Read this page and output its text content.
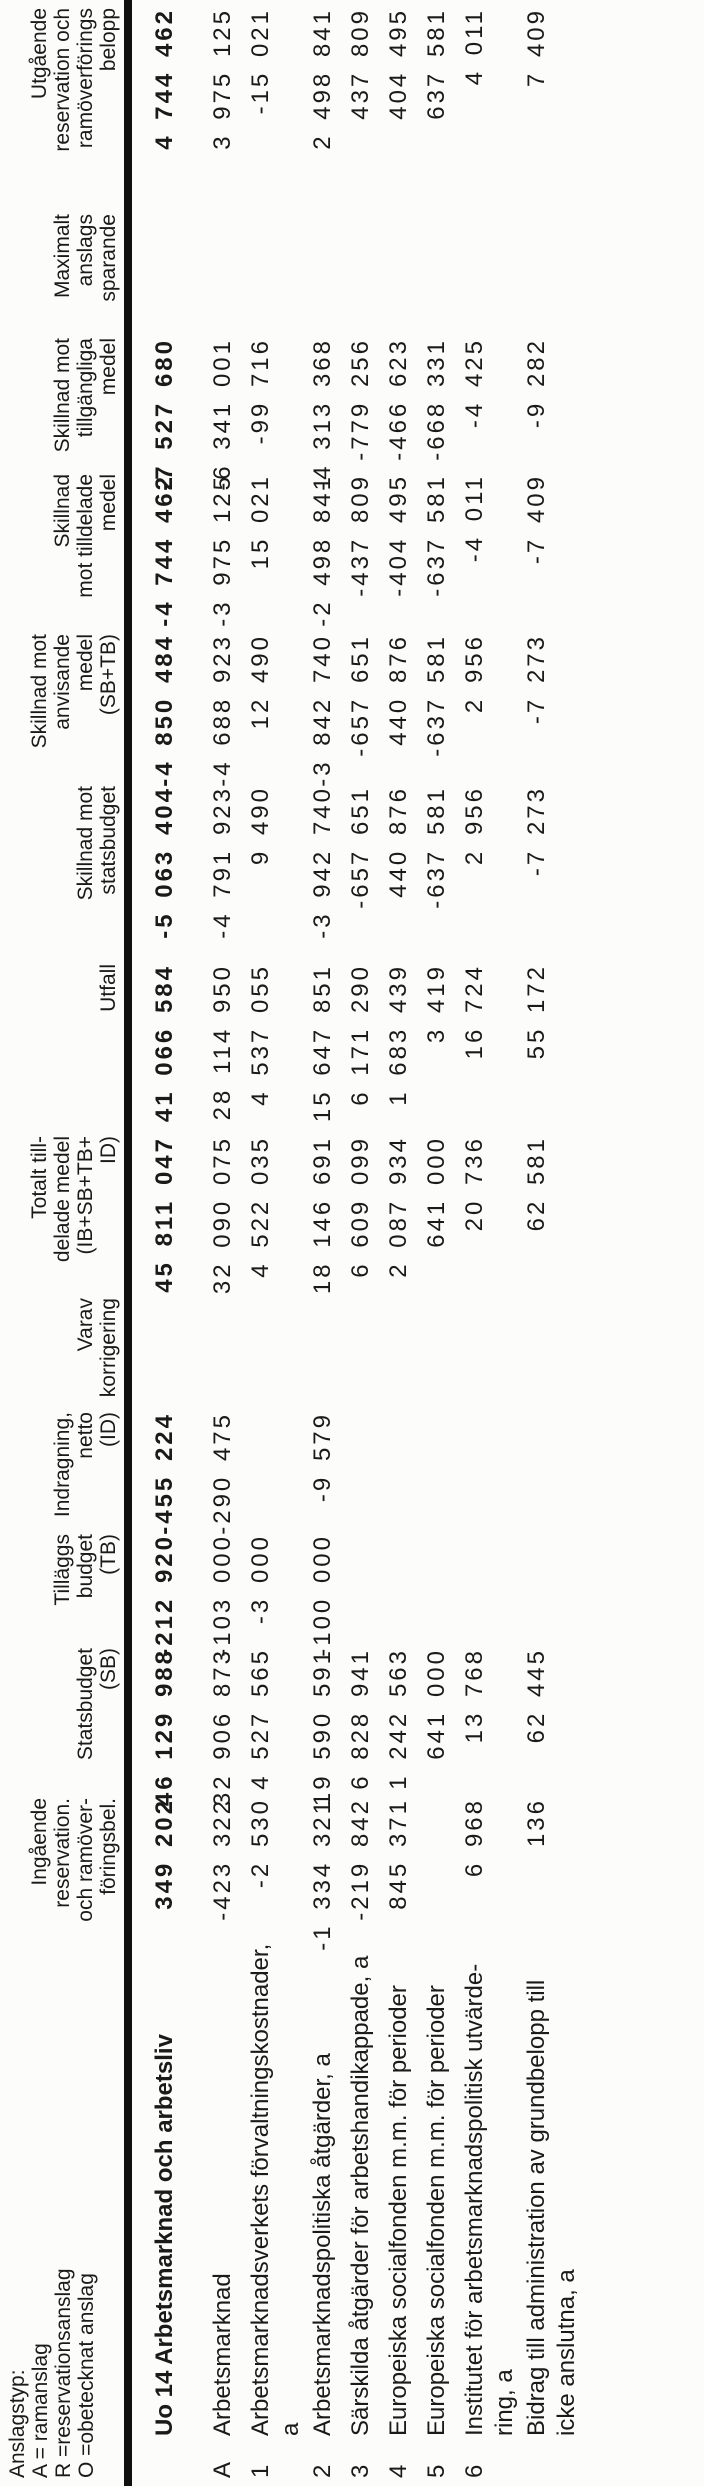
Anslagstyp: A = ramanslag R =reservationsanslag O =obetecknat anslag
Ingående reservation. och ramöver- föringsbel.
Statsbudget (SB)
Tilläggs budget (TB)
Indragning, netto (ID)
Varav korrigering
Totalt till- delade medel (IB+SB+TB+ ID)
Utfall
Skillnad mot statsbudget
Skillnad mot anvisande medel (SB+TB)
Skillnad mot tilldelade medel
Skillnad mot tillgängliga medel
Maximalt anslags sparande
Utgående reservation och ramöverförings belopp
Uo 14 Arbetsmarknad och arbetsliv
349 202
46 129 988
-212 920
-455 224
45 811 047
41 066 584
-5 063 404
-4 850 484
-4 744 462
-7 527 680
4 744 462
A
Arbetsmarknad
-423 322
32 906 873
-103 000
-290 475
32 090 075
28 114 950
-4 791 923
-4 688 923
-3 975 125
-6 341 001
3 975 125
1
Arbetsmarknadsverkets förvaltningskostnader, a
-2 530
4 527 565
-3 000
4 522 035
4 537 055
9 490
12 490
15 021
-99 716
-15 021
2
Arbetsmarknadspolitiska åtgärder, a
-1 334 321
19 590 591
-100 000
-9 579
18 146 691
15 647 851
-3 942 740
-3 842 740
-2 498 841
-4 313 368
2 498 841
3
Särskilda åtgärder för arbetshandikappade, a
-219 842
6 828 941
6 609 099
6 171 290
-657 651
-657 651
-437 809
-779 256
437 809
4
Europeiska socialfonden m.m. för perioder
845 371
1 242 563
2 087 934
1 683 439
440 876
440 876
-404 495
-466 623
404 495
5
Europeiska socialfonden m.m. för perioder
641 000
641 000
3 419
-637 581
-637 581
-637 581
-668 331
637 581
6
Institutet för arbetsmarknadspolitisk utvärde- ring, a
6 968
13 768
20 736
16 724
2 956
2 956
-4 011
-4 425
4 011
Bidrag till administration av grundbelopp till icke anslutna, a
136
62 445
62 581
55 172
-7 273
-7 273
-7 409
-9 282
7 409
